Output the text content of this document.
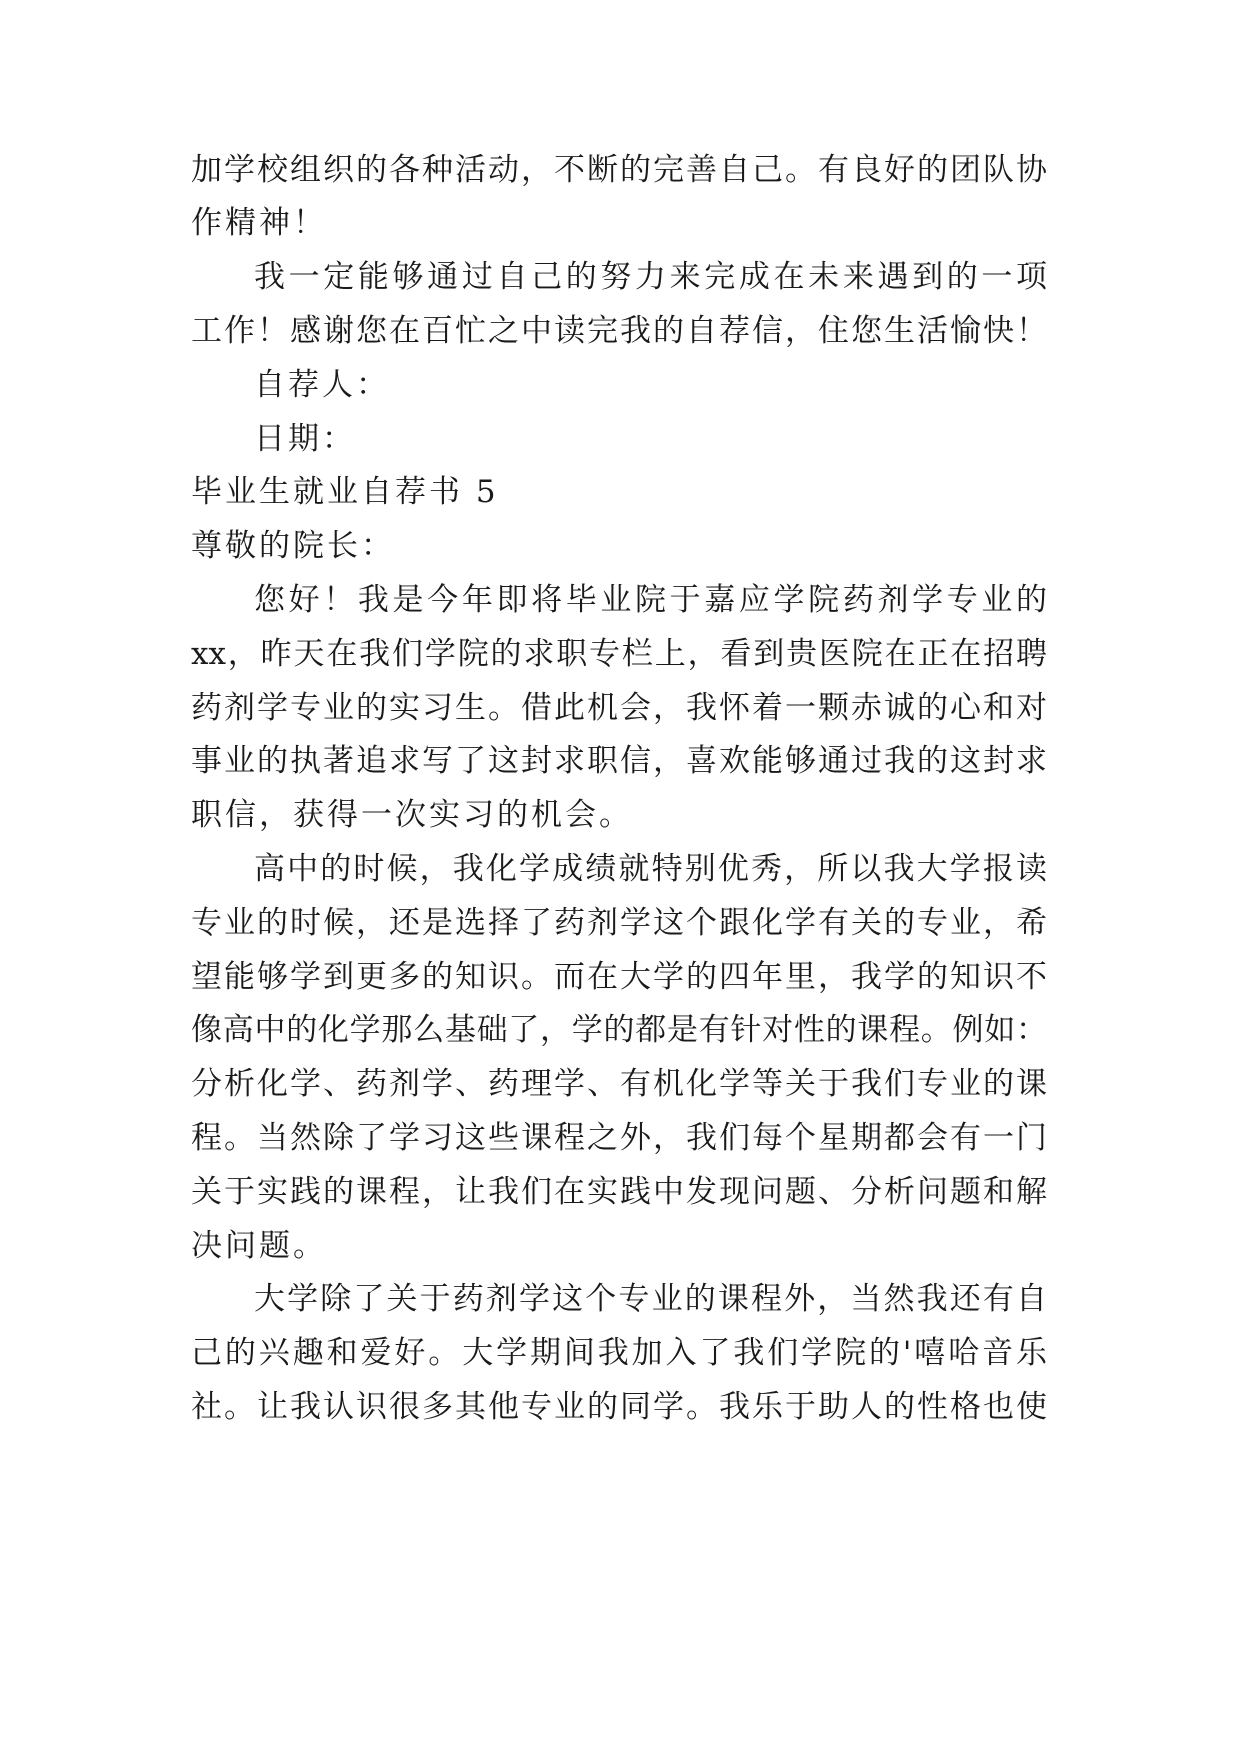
加学校组织的各种活动，不断的完善自己。有良好的团队协
作精神！
我一定能够通过自己的努力来完成在未来遇到的一项
工作！感谢您在百忙之中读完我的自荐信，住您生活愉快！
自荐人：
日期：
毕业生就业自荐书 5
尊敬的院长：
您好！我是今年即将毕业院于嘉应学院药剂学专业的
xx，昨天在我们学院的求职专栏上，看到贵医院在正在招聘
药剂学专业的实习生。借此机会，我怀着一颗赤诚的心和对
事业的执著追求写了这封求职信，喜欢能够通过我的这封求
职信，获得一次实习的机会。
高中的时候，我化学成绩就特别优秀，所以我大学报读
专业的时候，还是选择了药剂学这个跟化学有关的专业，希
望能够学到更多的知识。而在大学的四年里，我学的知识不
像高中的化学那么基础了，学的都是有针对性的课程。例如：
分析化学、药剂学、药理学、有机化学等关于我们专业的课
程。当然除了学习这些课程之外，我们每个星期都会有一门
关于实践的课程，让我们在实践中发现问题、分析问题和解
决问题。
大学除了关于药剂学这个专业的课程外，当然我还有自
己的兴趣和爱好。大学期间我加入了我们学院的'嘻哈音乐
社。让我认识很多其他专业的同学。我乐于助人的性格也使
